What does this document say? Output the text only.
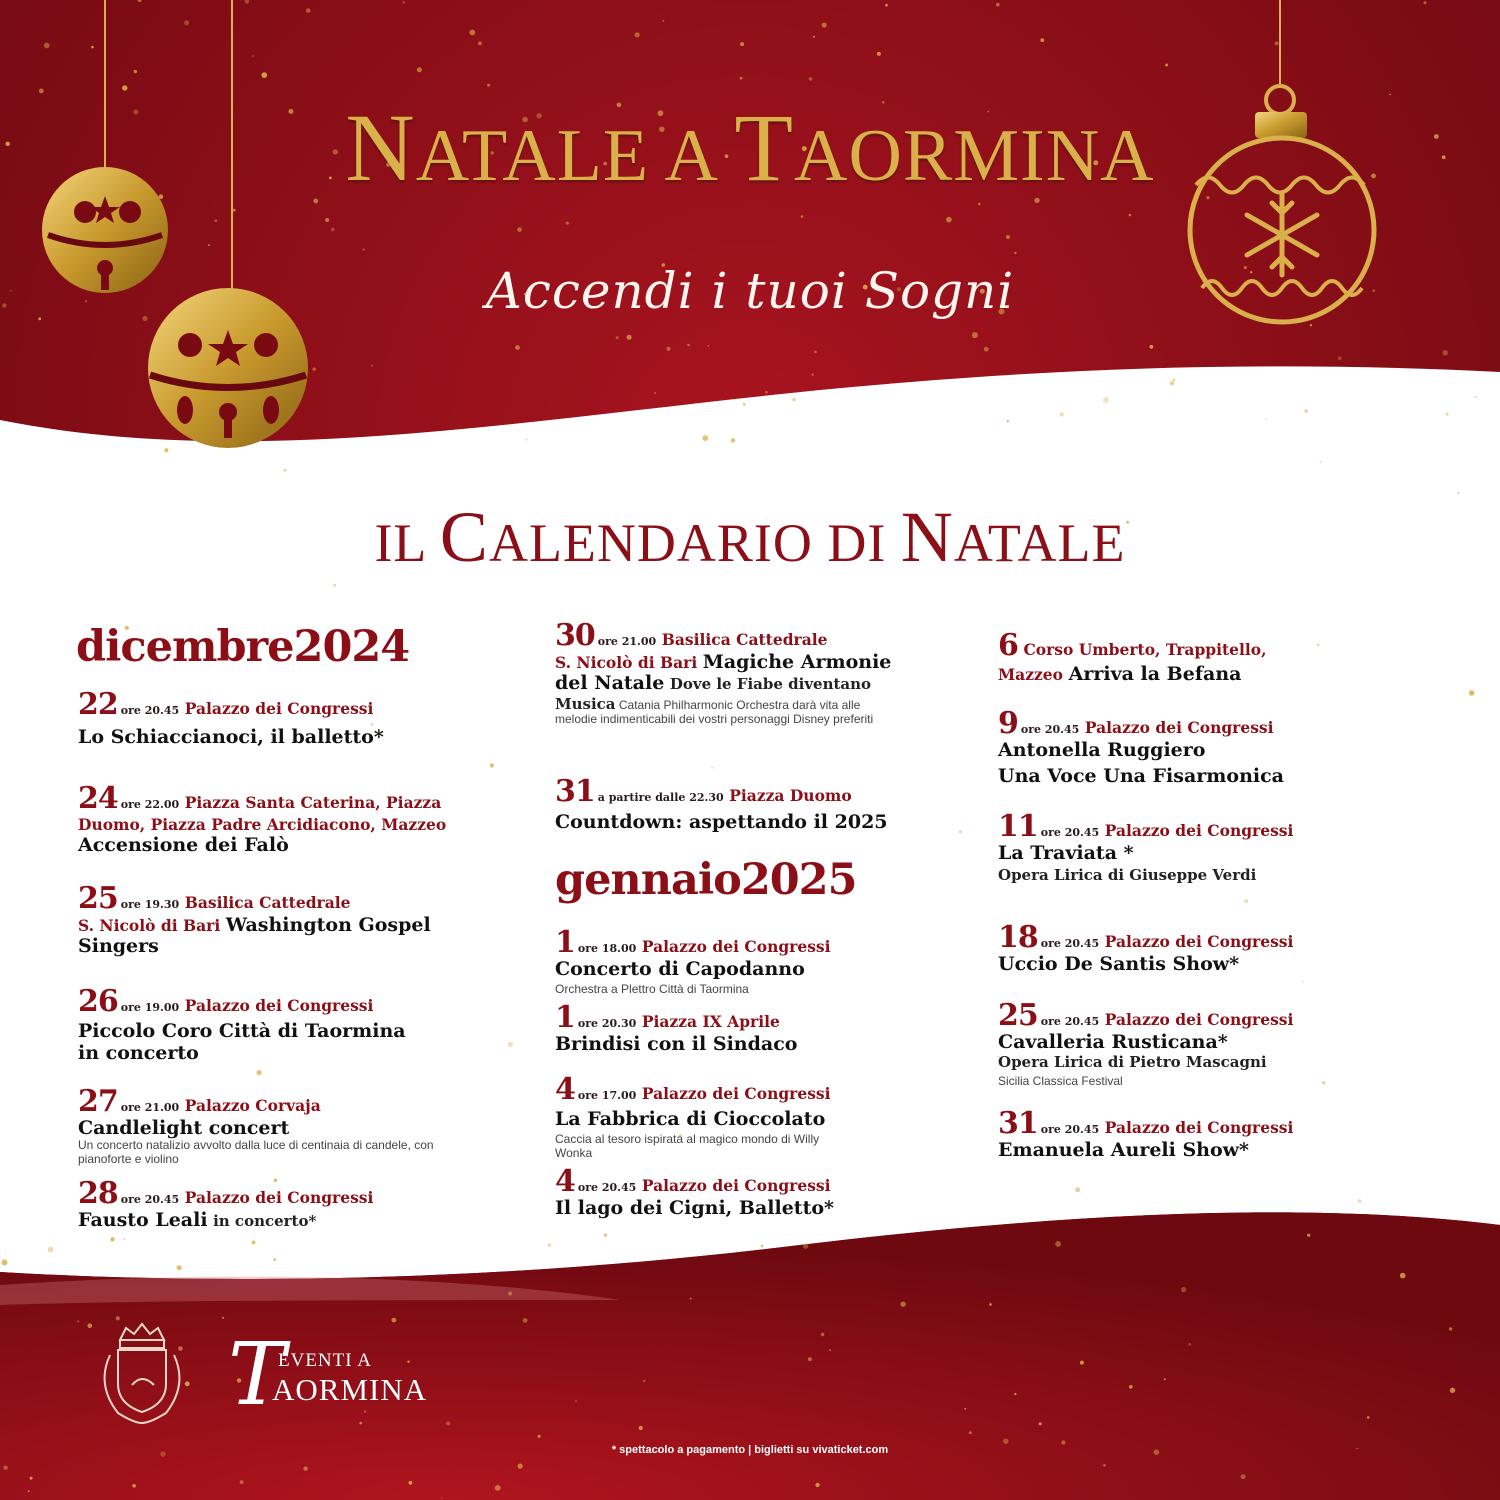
NATALE A TAORMINA
Accendi i tuoi Sogni
IL CALENDARIO DI NATALE
dicembre2024
gennaio2025
22 ore 20.45 Palazzo dei Congressi
Lo Schiaccianoci, il balletto*
24 ore 22.00 Piazza Santa Caterina, Piazza
Duomo, Piazza Padre Arcidiacono, Mazzeo
Accensione dei Falò
25 ore 19.30 Basilica Cattedrale
S. Nicolò di Bari Washington Gospel
Singers
26 ore 19.00 Palazzo dei Congressi
Piccolo Coro Città di Taormina
in concerto
27 ore 21.00 Palazzo Corvaja
Candlelight concert
Un concerto natalizio avvolto dalla luce di centinaia di candele, con pianoforte e violino
28 ore 20.45 Palazzo dei Congressi
Fausto Leali in concerto*
30 ore 21.00 Basilica Cattedrale
S. Nicolò di Bari Magiche Armonie
del Natale Dove le Fiabe diventano
Musica Catania Philharmonic Orchestra darà vita alle melodie indimenticabili dei vostri personaggi Disney preferiti
31 a partire dalle 22.30 Piazza Duomo
Countdown: aspettando il 2025
1 ore 18.00 Palazzo dei Congressi
Concerto di Capodanno
Orchestra a Plettro Città di Taormina
1 ore 20.30 Piazza IX Aprile
Brindisi con il Sindaco
4 ore 17.00 Palazzo dei Congressi
La Fabbrica di Cioccolato
Caccia al tesoro ispirata al magico mondo di Willy Wonka
4 ore 20.45 Palazzo dei Congressi
Il lago dei Cigni, Balletto*
6 Corso Umberto, Trappitello,
Mazzeo Arriva la Befana
9 ore 20.45 Palazzo dei Congressi
Antonella Ruggiero
Una Voce Una Fisarmonica
11 ore 20.45 Palazzo dei Congressi
La Traviata *
Opera Lirica di Giuseppe Verdi
18 ore 20.45 Palazzo dei Congressi
Uccio De Santis Show*
25 ore 20.45 Palazzo dei Congressi
Cavalleria Rusticana*
Opera Lirica di Pietro Mascagni
Sicilia Classica Festival
31 ore 20.45 Palazzo dei Congressi
Emanuela Aureli Show*
T
EVENTI A
AORMINA
* spettacolo a pagamento | biglietti su vivaticket.com
